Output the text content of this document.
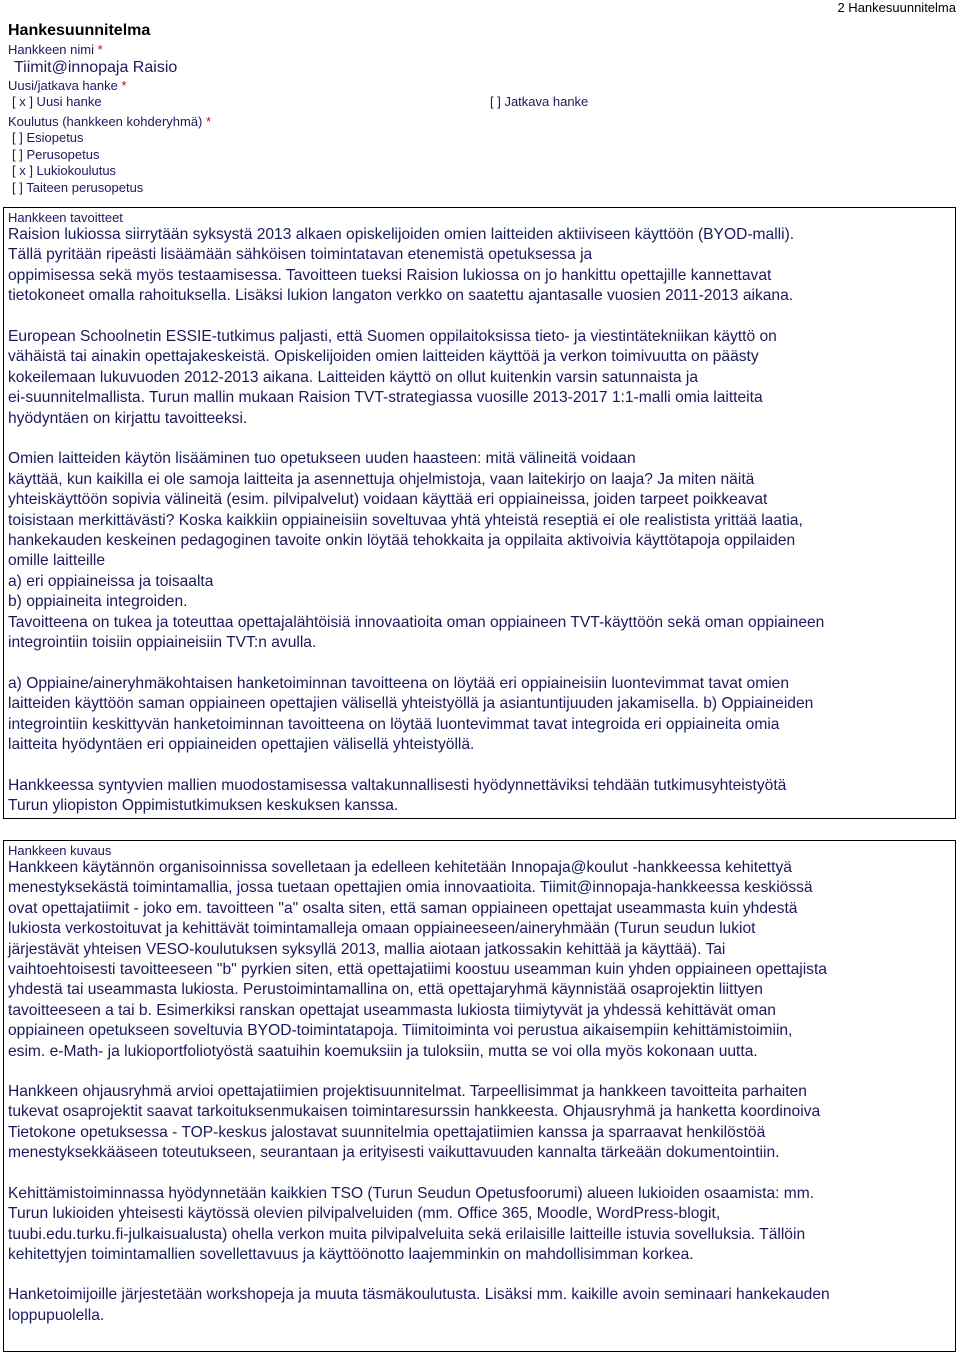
2 Hankesuunnitelma
Hankesuunnitelma
Hankkeen nimi *
Tiimit@innopaja Raisio
Uusi/jatkava hanke *
[ x ] Uusi hanke	[ ] Jatkava hanke
Koulutus (hankkeen kohderyhmä) *
[ ] Esiopetus
[ ] Perusopetus
[ x ] Lukiokoulutus
[ ] Taiteen perusopetus
Hankkeen tavoitteet

Raision lukiossa siirrytään syksystä 2013 alkaen opiskelijoiden omien laitteiden aktiiviseen käyttöön (BYOD-malli).
Tällä pyritään ripeästi lisäämään sähköisen toimintatavan etenemistä opetuksessa ja
oppimisessa sekä myös testaamisessa. Tavoitteen tueksi Raision lukiossa on jo hankittu opettajille kannettavat
tietokoneet omalla rahoituksella. Lisäksi lukion langaton verkko on saatettu ajantasalle vuosien 2011-2013 aikana.

European Schoolnetin ESSIE-tutkimus paljasti, että Suomen oppilaitoksissa tieto- ja viestintätekniikan käyttö on
vähäistä tai ainakin opettajakeskeistä. Opiskelijoiden omien laitteiden käyttöä ja verkon toimivuutta on päästy
kokeilemaan lukuvuoden 2012-2013 aikana. Laitteiden käyttö on ollut kuitenkin varsin satunnaista ja
ei-suunnitelmallista. Turun mallin mukaan Raision TVT-strategiassa vuosille 2013-2017 1:1-malli omia laitteita
hyödyntäen on kirjattu tavoitteeksi.

Omien laitteiden käytön lisääminen tuo opetukseen uuden haasteen: mitä välineitä voidaan
käyttää, kun kaikilla ei ole samoja laitteita ja asennettuja ohjelmistoja, vaan laitekirjo on laaja? Ja miten näitä
yhteiskäyttöön sopivia välineitä (esim. pilvipalvelut) voidaan käyttää eri oppiaineissa, joiden tarpeet poikkeavat
toisistaan merkittävästi? Koska kaikkiin oppiaineisiin soveltuvaa yhtä yhteistä reseptiä ei ole realistista yrittää laatia,
hankekauden keskeinen pedagoginen tavoite onkin löytää tehokkaita ja oppilaita aktivoivia käyttötapoja oppilaiden
omille laitteille
a) eri oppiaineissa ja toisaalta
b) oppiaineita integroiden.
Tavoitteena on tukea ja toteuttaa opettajalähtöisiä innovaatioita oman oppiaineen TVT-käyttöön sekä oman oppiaineen
integrointiin toisiin oppiaineisiin TVT:n avulla.

a) Oppiaine/aineryhmäkohtaisen hanketoiminnan tavoitteena on löytää eri oppiaineisiin luontevimmat tavat omien
laitteiden käyttöön saman oppiaineen opettajien välisellä yhteistyöllä ja asiantuntijuuden jakamisella. b) Oppiaineiden
integrointiin keskittyvän hanketoiminnan tavoitteena on löytää luontevimmat tavat integroida eri oppiaineita omia
laitteita hyödyntäen eri oppiaineiden opettajien välisellä yhteistyöllä.

Hankkeessa syntyvien mallien muodostamisessa valtakunnallisesti hyödynnettäviksi tehdään tutkimusyhteistyötä
Turun yliopiston Oppimistutkimuksen keskuksen kanssa.

Hankkeen kuvaus

Hankkeen käytännön organisoinnissa sovelletaan ja edelleen kehitetään Innopaja@koulut -hankkeessa kehitettyä
menestyksekästä toimintamallia, jossa tuetaan opettajien omia innovaatioita. Tiimit@innopaja-hankkeessa keskiössä
ovat opettajatiimit - joko em. tavoitteen "a" osalta siten, että saman oppiaineen opettajat useammasta kuin yhdestä
lukiosta verkostoituvat ja kehittävät toimintamalleja omaan oppiaineeseen/aineryhmään (Turun seudun lukiot
järjestävät yhteisen VESO-koulutuksen syksyllä 2013, mallia aiotaan jatkossakin kehittää ja käyttää). Tai
vaihtoehtoisesti tavoitteeseen "b" pyrkien siten, että opettajatiimi koostuu useamman kuin yhden oppiaineen opettajista
yhdestä tai useammasta lukiosta. Perustoimintamallina on, että opettajaryhmä käynnistää osaprojektin liittyen
tavoitteeseen a tai b. Esimerkiksi ranskan opettajat useammasta lukiosta tiimiytyvät ja yhdessä kehittävät oman
oppiaineen opetukseen soveltuvia BYOD-toimintatapoja. Tiimitoiminta voi perustua aikaisempiin kehittämistoimiin,
esim. e-Math- ja lukioportfoliotyöstä saatuihin koemuksiin ja tuloksiin, mutta se voi olla myös kokonaan uutta.

Hankkeen ohjausryhmä arvioi opettajatiimien projektisuunnitelmat. Tarpeellisimmat ja hankkeen tavoitteita parhaiten
tukevat osaprojektit saavat tarkoituksenmukaisen toimintaresurssin hankkeesta. Ohjausryhmä ja hanketta koordinoiva
Tietokone opetuksessa - TOP-keskus jalostavat suunnitelmia opettajatiimien kanssa ja sparraavat henkilöstöä
menestyksekkääseen toteutukseen, seurantaan ja erityisesti vaikuttavuuden kannalta tärkeään dokumentointiin.

Kehittämistoiminnassa hyödynnetään kaikkien TSO (Turun Seudun Opetusfoorumi) alueen lukioiden osaamista: mm.
Turun lukioiden yhteisesti käytössä olevien pilvipalveluiden (mm. Office 365, Moodle, WordPress-blogit,
tuubi.edu.turku.fi-julkaisualusta) ohella verkon muita pilvipalveluita sekä erilaisille laitteille istuvia sovelluksia. Tällöin
kehitettyjen toimintamallien sovellettavuus ja käyttöönotto laajemminkin on mahdollisimman korkea.

Hanketoimijoille järjestetään workshopeja ja muuta täsmäkoulutusta. Lisäksi mm. kaikille avoin seminaari hankekauden
loppupuolella.
